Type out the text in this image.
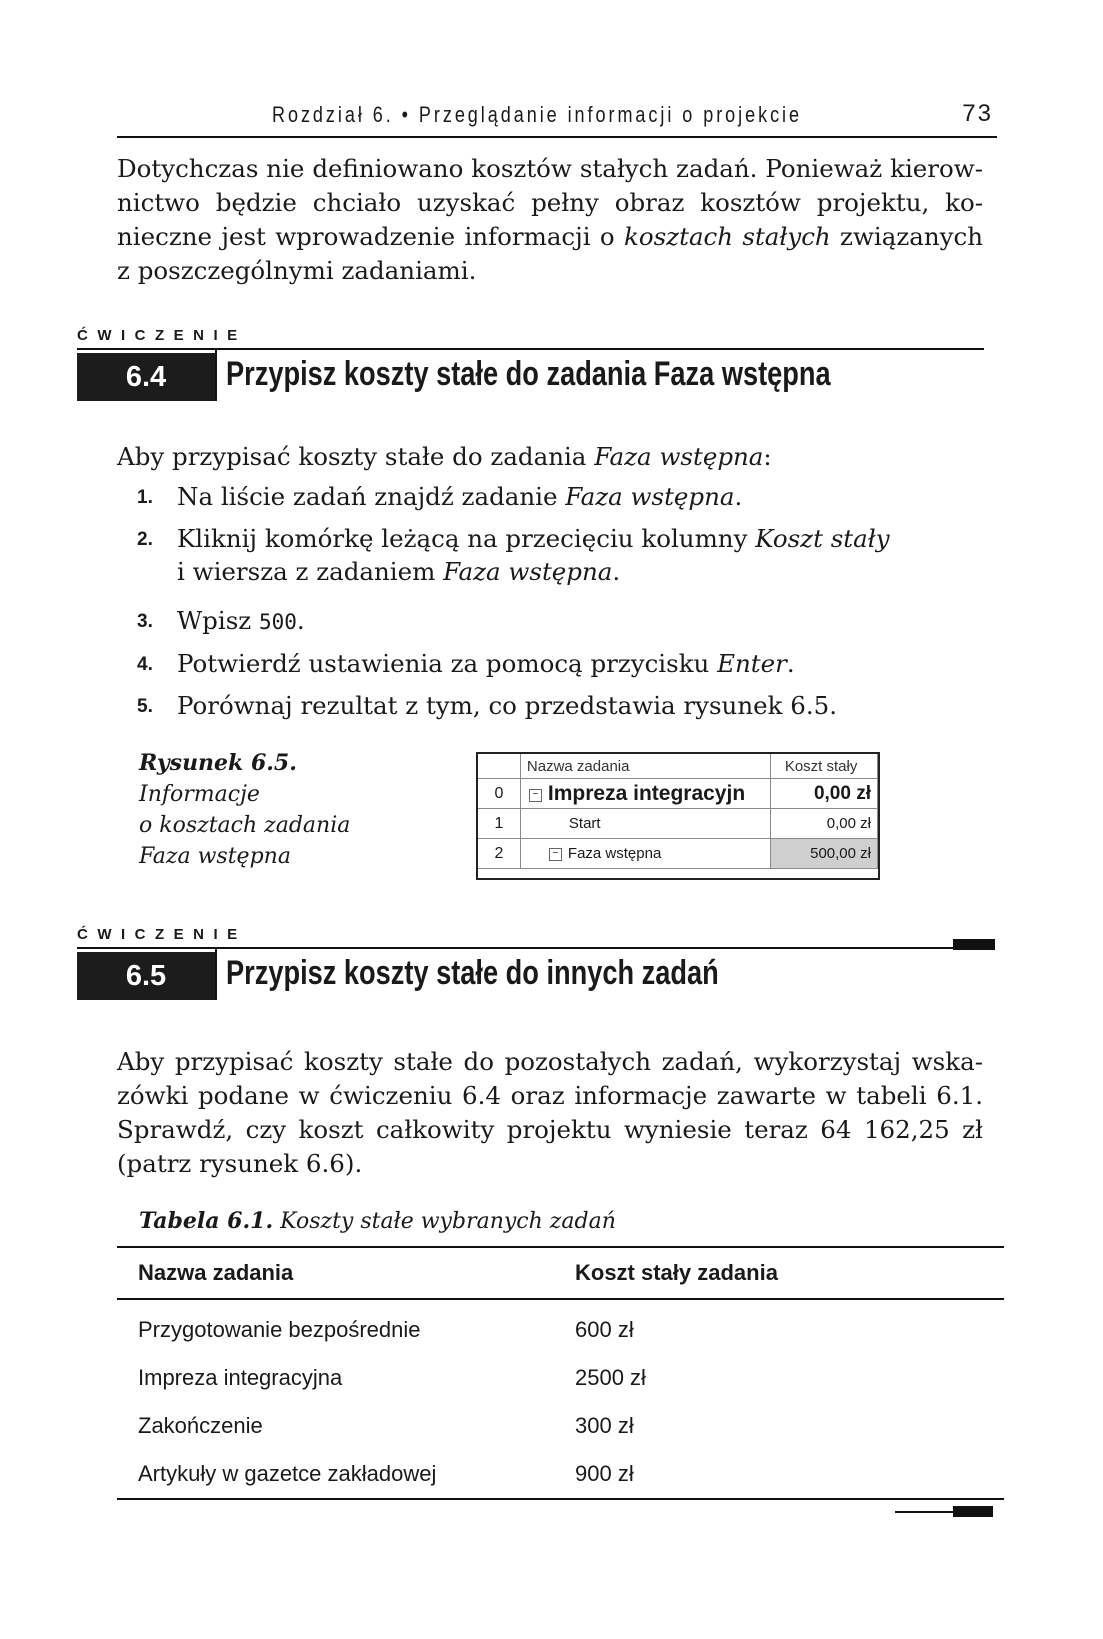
Rozdział 6. • Przeglądanie informacji o projekcie	73
Dotychczas nie definiowano kosztów stałych zadań. Ponieważ kierow-
nictwo będzie chciało uzyskać pełny obraz kosztów projektu, ko-
nieczne jest wprowadzenie informacji o kosztach stałych związanych
z poszczególnymi zadaniami.
ĆWICZENIE
6.4	Przypisz koszty stałe do zadania Faza wstępna
Aby przypisać koszty stałe do zadania Faza wstępna:
1. Na liście zadań znajdź zadanie Faza wstępna.
2. Kliknij komórkę leżącą na przecięciu kolumny Koszt stały
i wiersza z zadaniem Faza wstępna.
3. Wpisz 500.
4. Potwierdź ustawienia za pomocą przycisku Enter.
5. Porównaj rezultat z tym, co przedstawia rysunek 6.5.
Rysunek 6.5.
Informacje
o kosztach zadania
Faza wstępna
	Nazwa zadania	Koszt stały
0	− Impreza integracyjn	0,00 zł
1	Start	0,00 zł
2	− Faza wstępna	500,00 zł
ĆWICZENIE
6.5	Przypisz koszty stałe do innych zadań
Aby przypisać koszty stałe do pozostałych zadań, wykorzystaj wska-
zówki podane w ćwiczeniu 6.4 oraz informacje zawarte w tabeli 6.1.
Sprawdź, czy koszt całkowity projektu wyniesie teraz 64 162,25 zł
(patrz rysunek 6.6).
Tabela 6.1. Koszty stałe wybranych zadań
Nazwa zadania	Koszt stały zadania
Przygotowanie bezpośrednie	600 zł
Impreza integracyjna	2500 zł
Zakończenie	300 zł
Artykuły w gazetce zakładowej	900 zł
